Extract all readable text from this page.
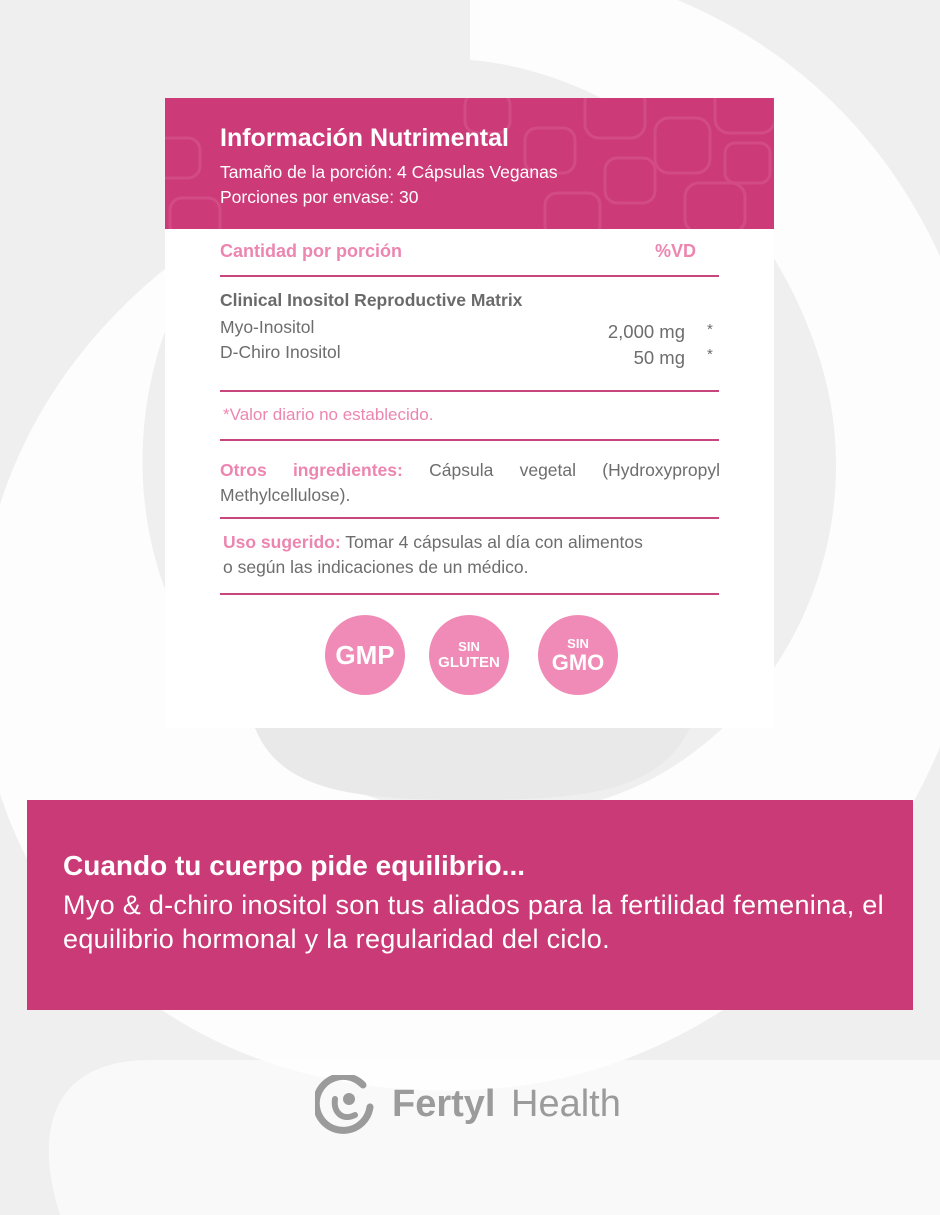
Información Nutrimental
Tamaño de la porción: 4 Cápsulas Veganas
Porciones por envase: 30
Cantidad por porción	%VD
Clinical Inositol Reproductive Matrix
Myo-Inositol	2,000 mg *
D-Chiro Inositol	50 mg *
*Valor diario no establecido.
Otros ingredientes: Cápsula vegetal (Hydroxypropyl
Methylcellulose).
Uso sugerido: Tomar 4 cápsulas al día con alimentos
o según las indicaciones de un médico.
GMP	SIN
GLUTEN
SIN
GMO
Cuando tu cuerpo pide equilibrio...
Myo & d-chiro inositol son tus aliados para la fertilidad femenina, el equilibrio hormonal y la regularidad del ciclo.
Fertyl Health
